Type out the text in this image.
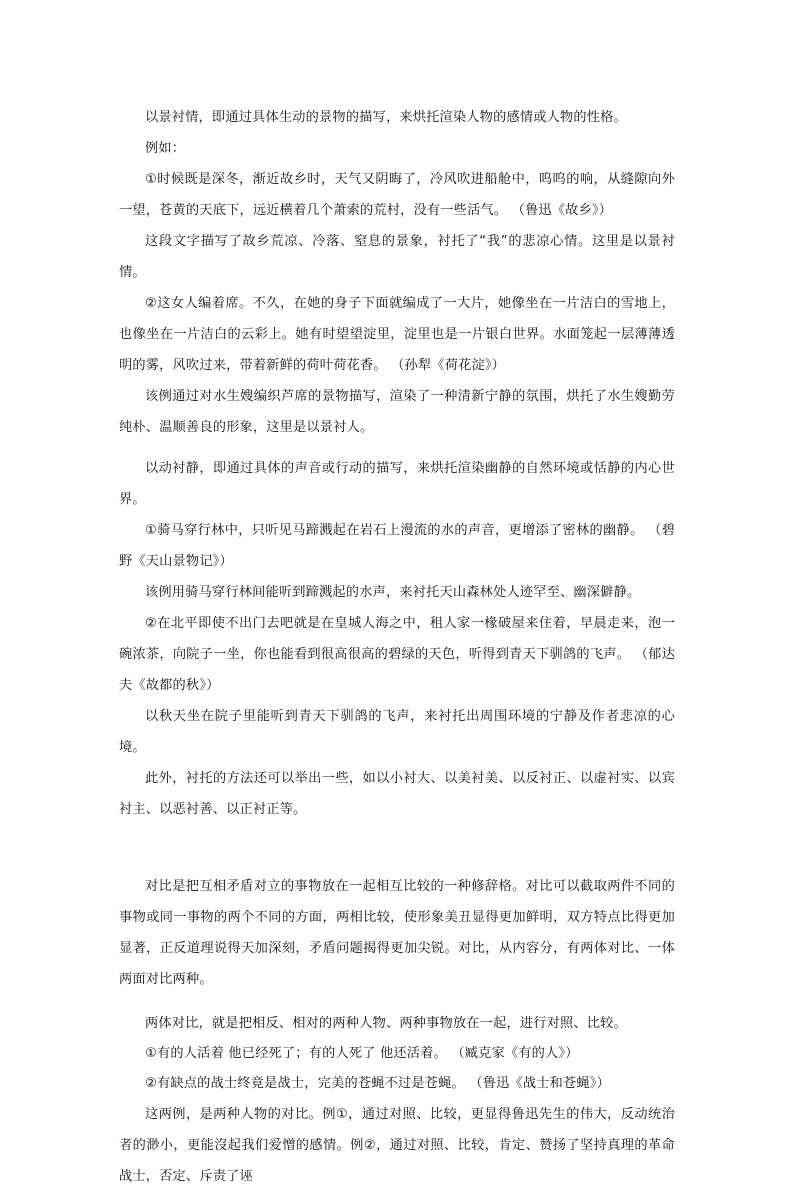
以景衬情，即通过具体生动的景物的描写，来烘托渲染人物的感情或人物的性格。

例如：

①时候既是深冬，渐近故乡时，天气又阴晦了，冷风吹进船舱中，呜呜的响，从缝隙向外一望，苍黄的天底下，远近横着几个萧索的荒村，没有一些活气。 （鲁迅《故乡》）

这段文字描写了故乡荒凉、冷落、窒息的景象，衬托了“我”的悲凉心情。这里是以景衬情。

②这女人编着席。不久，在她的身子下面就编成了一大片，她像坐在一片洁白的雪地上，也像坐在一片洁白的云彩上。她有时望望淀里，淀里也是一片银白世界。水面笼起一层薄薄透明的雾，风吹过来，带着新鲜的荷叶荷花香。 （孙犁《荷花淀》）

该例通过对水生嫂编织芦席的景物描写，渲染了一种清新宁静的氛围，烘托了水生嫂勤劳纯朴、温顺善良的形象，这里是以景衬人。

以动衬静，即通过具体的声音或行动的描写，来烘托渲染幽静的自然环境或恬静的内心世界。

①骑马穿行林中，只听见马蹄溅起在岩石上漫流的水的声音，更增添了密林的幽静。 （碧野《天山景物记》）

该例用骑马穿行林间能听到蹄溅起的水声，来衬托天山森林处人迹罕至、幽深僻静。

②在北平即使不出门去吧就是在皇城人海之中，租人家一椽破屋来住着，早晨走来，泡一碗浓茶，向院子一坐，你也能看到很高很高的碧绿的天色，听得到青天下驯鸽的飞声。 （郁达夫《故都的秋》）

以秋天坐在院子里能听到青天下驯鸽的飞声，来衬托出周围环境的宁静及作者悲凉的心境。

此外，衬托的方法还可以举出一些，如以小衬大、以美衬美、以反衬正、以虚衬实、以宾衬主、以恶衬善、以正衬正等。

对比是把互相矛盾对立的事物放在一起相互比较的一种修辞格。对比可以截取两件不同的事物或同一事物的两个不同的方面，两相比较，使形象美丑显得更加鲜明，双方特点比得更加显著，正反道理说得天加深刻，矛盾问题揭得更加尖锐。对比，从内容分，有两体对比、一体两面对比两种。

两体对比，就是把相反、相对的两种人物、两种事物放在一起，进行对照、比较。

①有的人活着 他已经死了；有的人死了 他还活着。 （臧克家《有的人》）

②有缺点的战士终竟是战士，完美的苍蝇不过是苍蝇。 （鲁迅《战士和苍蝇》）

这两例，是两种人物的对比。例①，通过对照、比较，更显得鲁迅先生的伟大，反动统治者的渺小，更能沒起我们爱憎的感情。例②，通过对照、比较，肯定、赞扬了坚持真理的革命战士，否定、斥责了诬
